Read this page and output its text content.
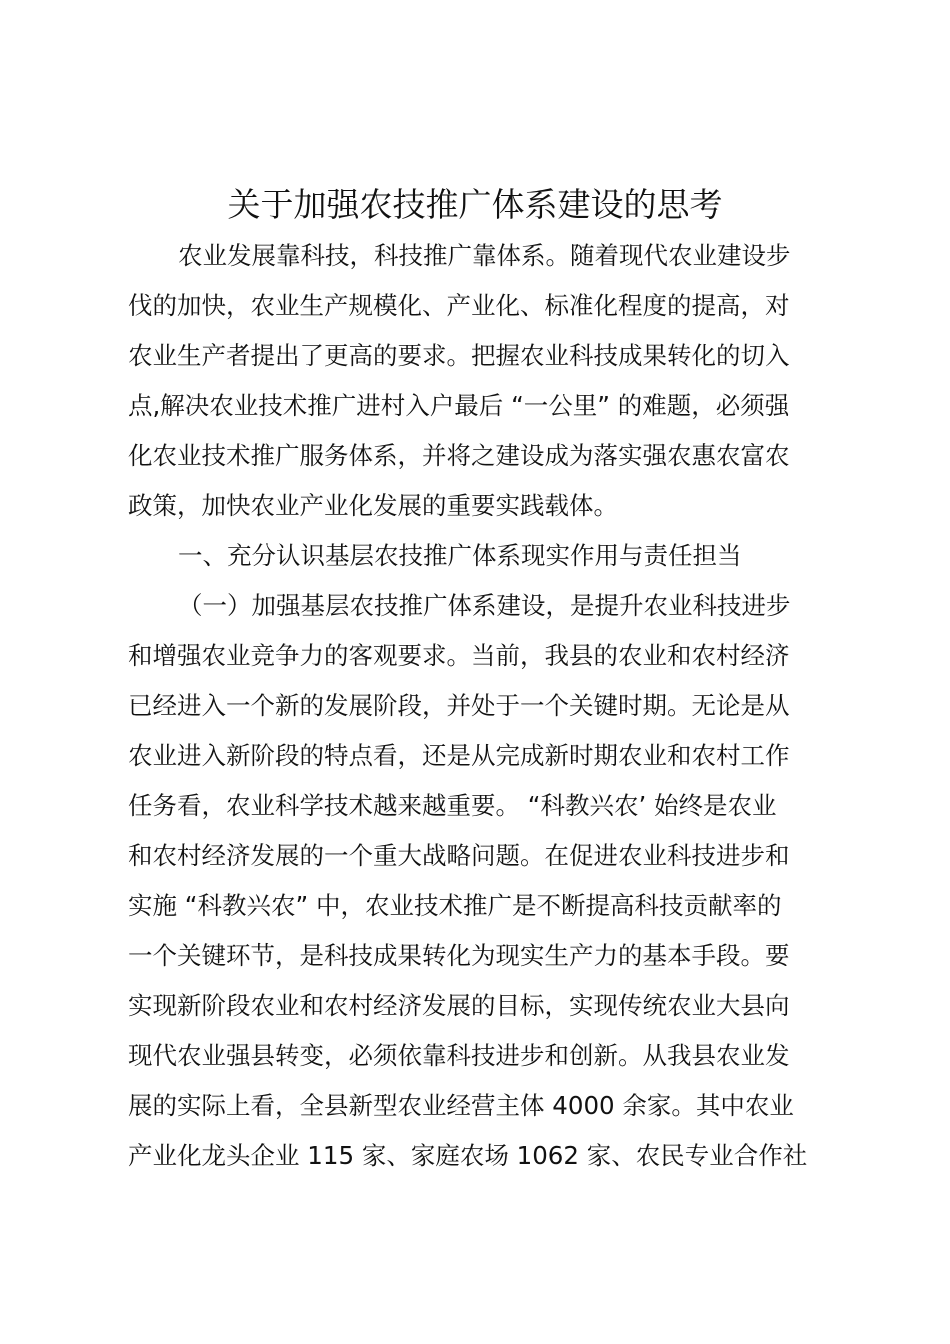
关于加强农技推广体系建设的思考
农业发展靠科技，科技推广靠体系。随着现代农业建设步
伐的加快，农业生产规模化、产业化、标准化程度的提高，对
农业生产者提出了更高的要求。把握农业科技成果转化的切入
点,解决农业技术推广进村入户最后 “一公里” 的难题，必须强
化农业技术推广服务体系，并将之建设成为落实强农惠农富农
政策，加快农业产业化发展的重要实践载体。
一、充分认识基层农技推广体系现实作用与责任担当
（一）加强基层农技推广体系建设，是提升农业科技进步
和增强农业竞争力的客观要求。当前，我县的农业和农村经济
已经进入一个新的发展阶段，并处于一个关键时期。无论是从
农业进入新阶段的特点看，还是从完成新时期农业和农村工作
任务看，农业科学技术越来越重要。 “科教兴农’ 始终是农业
和农村经济发展的一个重大战略问题。在促进农业科技进步和
实施 “科教兴农” 中，农业技术推广是不断提高科技贡献率的
一个关键环节，是科技成果转化为现实生产力的基本手段。要
实现新阶段农业和农村经济发展的目标，实现传统农业大县向
现代农业强县转变，必须依靠科技进步和创新。从我县农业发
展的实际上看，全县新型农业经营主体 4000 余家。其中农业
产业化龙头企业 115 家、家庭农场 1062 家、农民专业合作社
